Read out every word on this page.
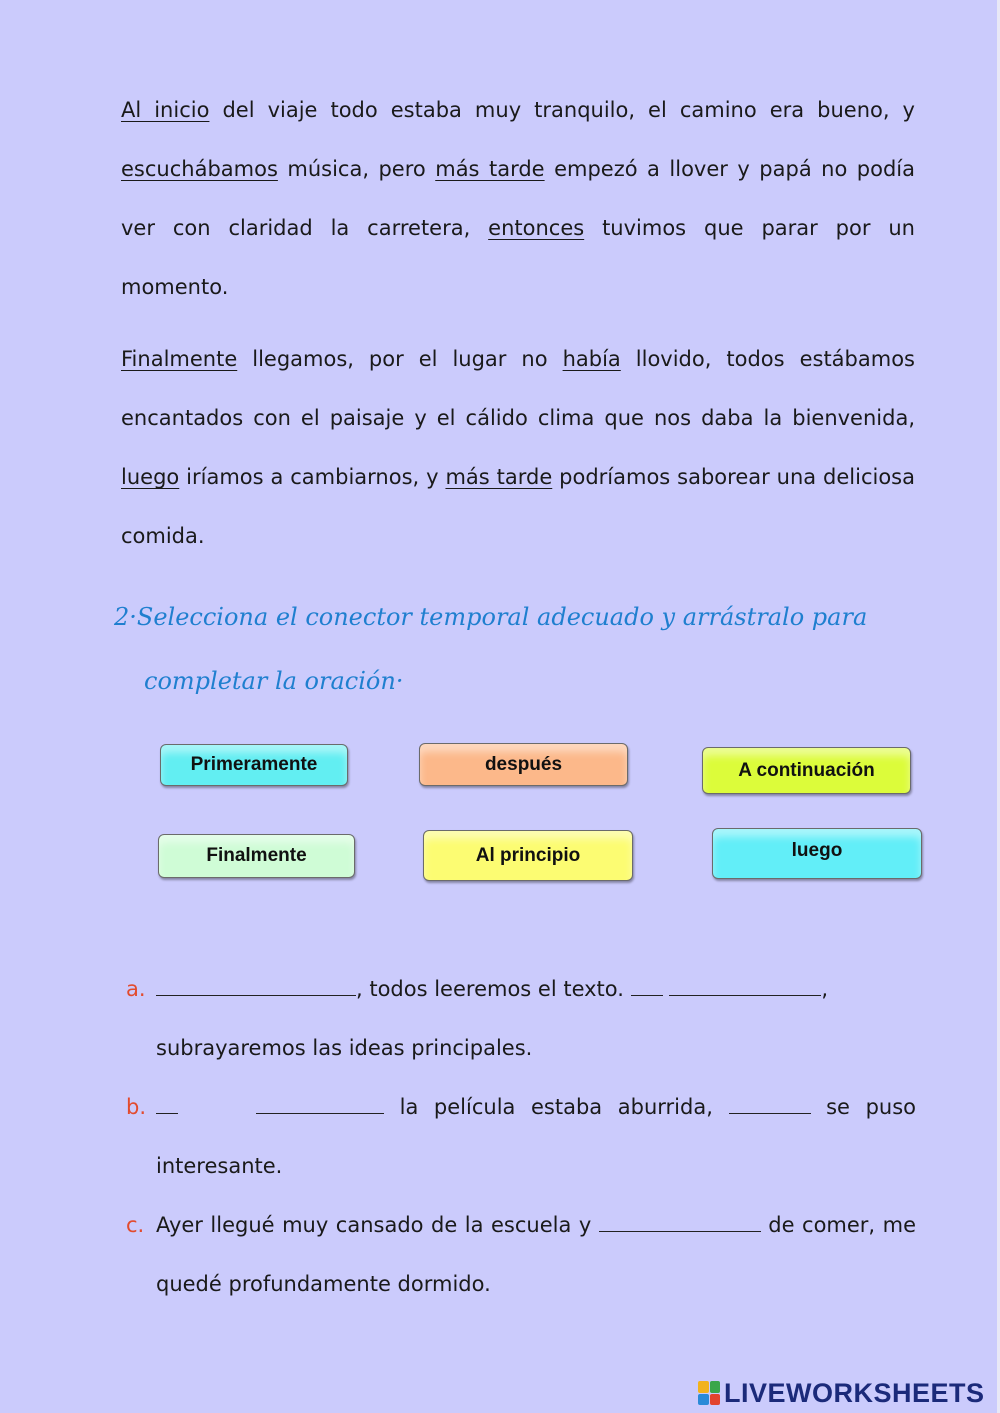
Al inicio del viaje todo estaba muy tranquilo, el camino era bueno, y escuchábamos música, pero más tarde empezó a llover y papá no podía ver con claridad la carretera, entonces tuvimos que parar por un momento.

Finalmente llegamos, por el lugar no había llovido, todos estábamos encantados con el paisaje y el cálido clima que nos daba la bienvenida, luego iríamos a cambiarnos, y más tarde podríamos saborear una deliciosa comida.

2·Selecciona el conector temporal adecuado y arrástralo para
completar la oración·

Primeramente	después	A continuación
Finalmente	Al principio	luego
a.	, todos leeremos el texto.	,
subrayaremos las ideas principales.
b.	la película estaba aburrida,	se puso interesante.
c. Ayer llegué muy cansado de la escuela y	de comer, me quedé profundamente dormido.
LIVEWORKSHEETS
